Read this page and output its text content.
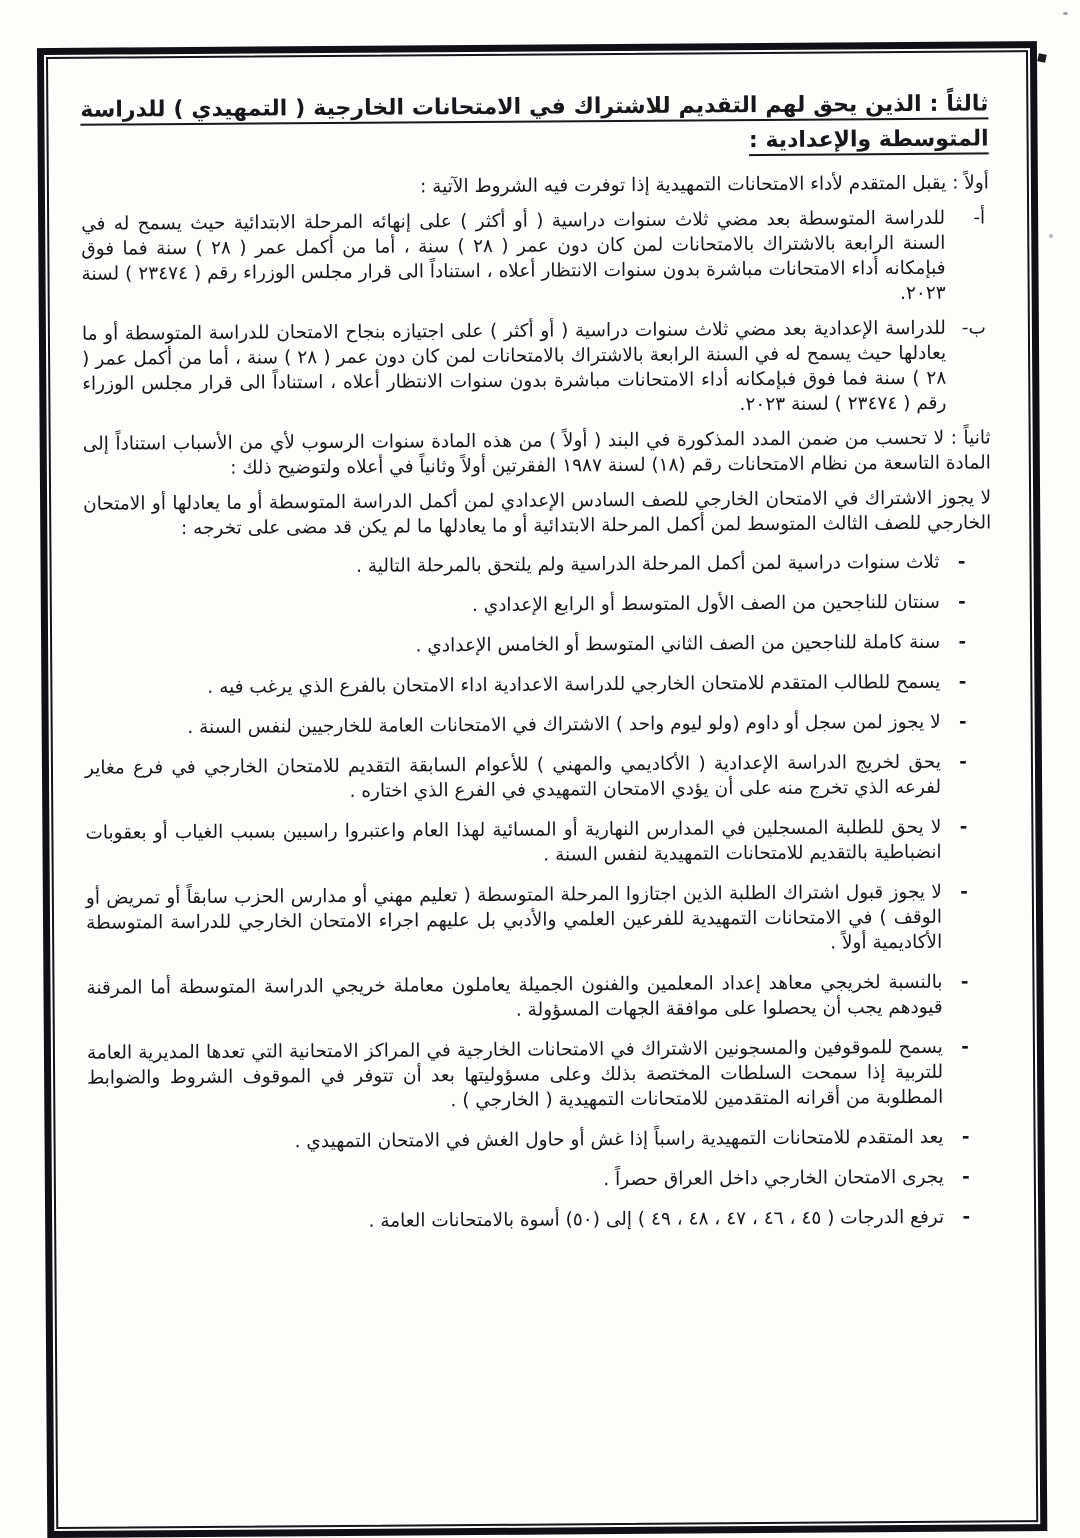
ثالثاً : الذين يحق لهم التقديم للاشتراك في الامتحانات الخارجية ( التمهيدي ) للدراسة المتوسطة والإعدادية :

أولاً : يقبل المتقدم لأداء الامتحانات التمهيدية إذا توفرت فيه الشروط الآتية :

أ-
للدراسة المتوسطة بعد مضي ثلاث سنوات دراسية ( أو أكثر ) على إنهائه المرحلة الابتدائية حيث يسمح له في السنة الرابعة بالاشتراك بالامتحانات لمن كان دون عمر ( ٢٨ ) سنة ، أما من أكمل عمر ( ٢٨ ) سنة فما فوق فبإمكانه أداء الامتحانات مباشرة بدون سنوات الانتظار أعلاه ، استناداً الى قرار مجلس الوزراء رقم ( ٢٣٤٧٤ ) لسنة ٢٠٢٣.
ب-
للدراسة الإعدادية بعد مضي ثلاث سنوات دراسية ( أو أكثر ) على اجتيازه بنجاح الامتحان للدراسة المتوسطة أو ما يعادلها حيث يسمح له في السنة الرابعة بالاشتراك بالامتحانات لمن كان دون عمر ( ٢٨ ) سنة ، أما من أكمل عمر ( ٢٨ ) سنة فما فوق فبإمكانه أداء الامتحانات مباشرة بدون سنوات الانتظار أعلاه ، استناداً الى قرار مجلس الوزراء رقم ( ٢٣٤٧٤ ) لسنة ٢٠٢٣.

ثانياً : لا تحسب من ضمن المدد المذكورة في البند ( أولاً ) من هذه المادة سنوات الرسوب لأي من الأسباب استناداً إلى المادة التاسعة من نظام الامتحانات رقم (١٨) لسنة ١٩٨٧ الفقرتين أولاً وثانياً في أعلاه ولتوضيح ذلك :

لا يجوز الاشتراك في الامتحان الخارجي للصف السادس الإعدادي لمن أكمل الدراسة المتوسطة أو ما يعادلها أو الامتحان الخارجي للصف الثالث المتوسط لمن أكمل المرحلة الابتدائية أو ما يعادلها ما لم يكن قد مضى على تخرجه :

-
ثلاث سنوات دراسية لمن أكمل المرحلة الدراسية ولم يلتحق بالمرحلة التالية .
-
سنتان للناجحين من الصف الأول المتوسط أو الرابع الإعدادي .
-
سنة كاملة للناجحين من الصف الثاني المتوسط أو الخامس الإعدادي .
-
يسمح للطالب المتقدم للامتحان الخارجي للدراسة الاعدادية اداء الامتحان بالفرع الذي يرغب فيه .
-
لا يجوز لمن سجل أو داوم (ولو ليوم واحد ) الاشتراك في الامتحانات العامة للخارجيين لنفس السنة .
-
يحق لخريج الدراسة الإعدادية ( الأكاديمي والمهني ) للأعوام السابقة التقديم للامتحان الخارجي في فرع مغاير لفرعه الذي تخرج منه على أن يؤدي الامتحان التمهيدي في الفرع الذي اختاره .
-
لا يحق للطلبة المسجلين في المدارس النهارية أو المسائية لهذا العام واعتبروا راسبين بسبب الغياب أو بعقوبات انضباطية بالتقديم للامتحانات التمهيدية لنفس السنة .
-
لا يجوز قبول اشتراك الطلبة الذين اجتازوا المرحلة المتوسطة ( تعليم مهني أو مدارس الحزب سابقاً أو تمريض أو الوقف ) في الامتحانات التمهيدية للفرعين العلمي والأدبي بل عليهم اجراء الامتحان الخارجي للدراسة المتوسطة الأكاديمية أولاً .
-
بالنسبة لخريجي معاهد إعداد المعلمين والفنون الجميلة يعاملون معاملة خريجي الدراسة المتوسطة أما المرقنة قيودهم يجب أن يحصلوا على موافقة الجهات المسؤولة .
-
يسمح للموقوفين والمسجونين الاشتراك في الامتحانات الخارجية في المراكز الامتحانية التي تعدها المديرية العامة للتربية إذا سمحت السلطات المختصة بذلك وعلى مسؤوليتها بعد أن تتوفر في الموقوف الشروط والضوابط المطلوبة من أقرانه المتقدمين للامتحانات التمهيدية ( الخارجي ) .
-
يعد المتقدم للامتحانات التمهيدية راسباً إذا غش أو حاول الغش في الامتحان التمهيدي .
-
يجرى الامتحان الخارجي داخل العراق حصراً .
-
ترفع الدرجات ( ٤٥ ، ٤٦ ، ٤٧ ، ٤٨ ، ٤٩ ) إلى (٥٠) أسوة بالامتحانات العامة .
